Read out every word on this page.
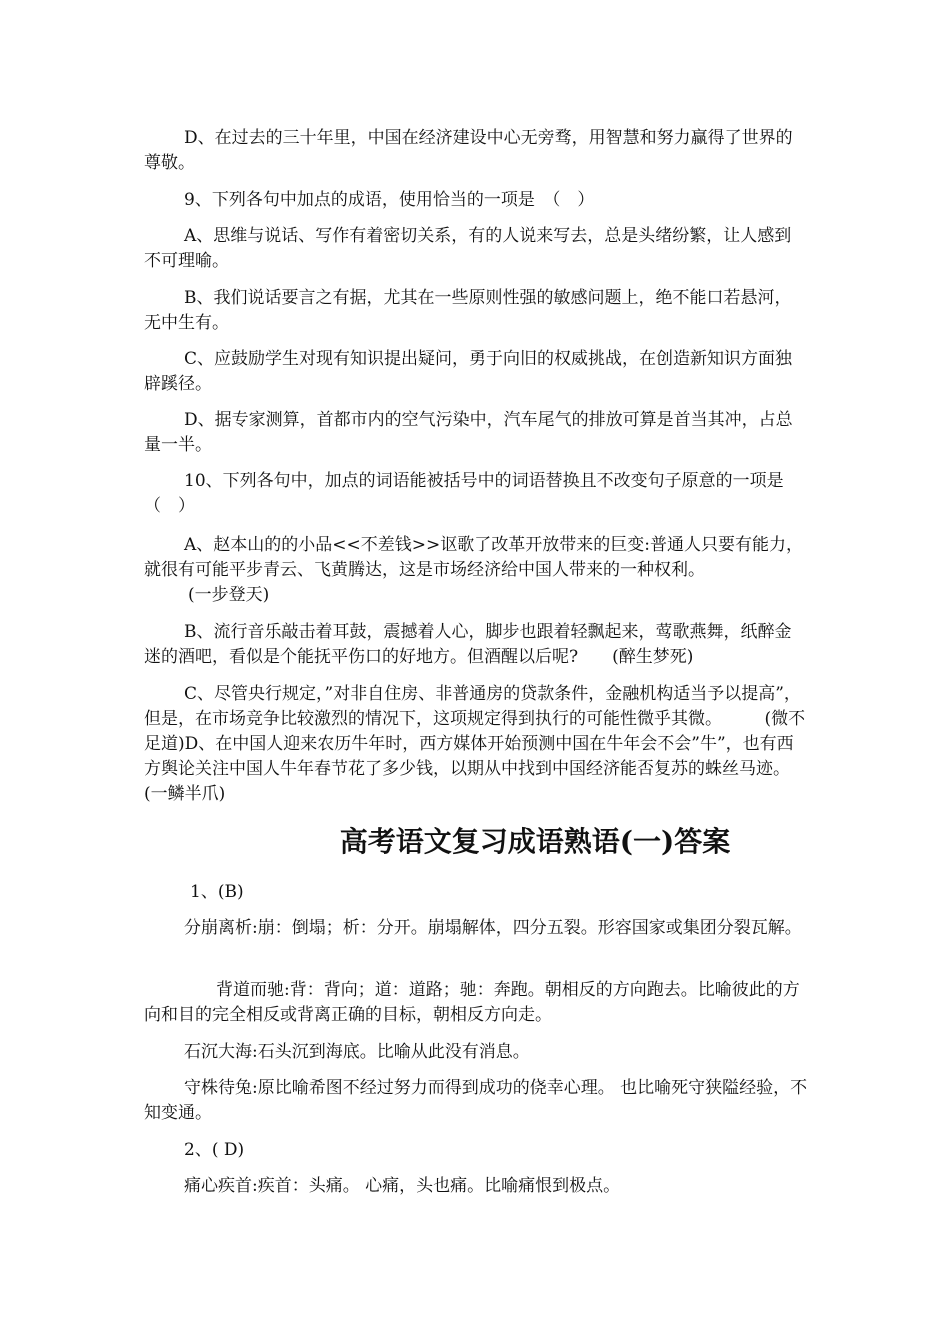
D、在过去的三十年里，中国在经济建设中心无旁骛，用智慧和努力赢得了世界的尊敬。

9、下列各句中加点的成语，使用恰当的一项是　（　）

A、思维与说话、写作有着密切关系，有的人说来写去，总是头绪纷繁，让人感到不可理喻。

B、我们说话要言之有据，尤其在一些原则性强的敏感问题上，绝不能口若悬河， 无中生有。

C、应鼓励学生对现有知识提出疑问，勇于向旧的权威挑战，在创造新知识方面独辟蹊径。

D、据专家测算，首都市内的空气污染中，汽车尾气的排放可算是首当其冲，占总量一半。

10、下列各句中，加点的词语能被括号中的词语替换且不改变句子原意的一项是（　）

A、赵本山的的小品<<不差钱>>讴歌了改革开放带来的巨变:普通人只要有能力，就很有可能平步青云、飞黄腾达，这是市场经济给中国人带来的一种权利。

(一步登天)

B、流行音乐敲击着耳鼓，震撼着人心，脚步也跟着轻飘起来，莺歌燕舞，纸醉金迷的酒吧，看似是个能抚平伤口的好地方。但酒醒以后呢?　　(醉生梦死)

C、尽管央行规定，”对非自住房、非普通房的贷款条件，金融机构适当予以提高”，但是，在市场竞争比较激烈的情况下，这项规定得到执行的可能性微乎其微。　　　(微不足道)D、在中国人迎来农历牛年时，西方媒体开始预测中国在牛年会不会”牛”，也有西方舆论关注中国人牛年春节花了多少钱，以期从中找到中国经济能否复苏的蛛丝马迹。(一鳞半爪)

高考语文复习成语熟语(一)答案

1、(B)

分崩离析:崩：倒塌；析：分开。崩塌解体，四分五裂。形容国家或集团分裂瓦解。

背道而驰:背：背向；道：道路；驰：奔跑。朝相反的方向跑去。比喻彼此的方向和目的完全相反或背离正确的目标，朝相反方向走。

石沉大海:石头沉到海底。比喻从此没有消息。

守株待兔:原比喻希图不经过努力而得到成功的侥幸心理。 也比喻死守狭隘经验，不知变通。

2、( D)

痛心疾首:疾首：头痛。 心痛，头也痛。比喻痛恨到极点。
